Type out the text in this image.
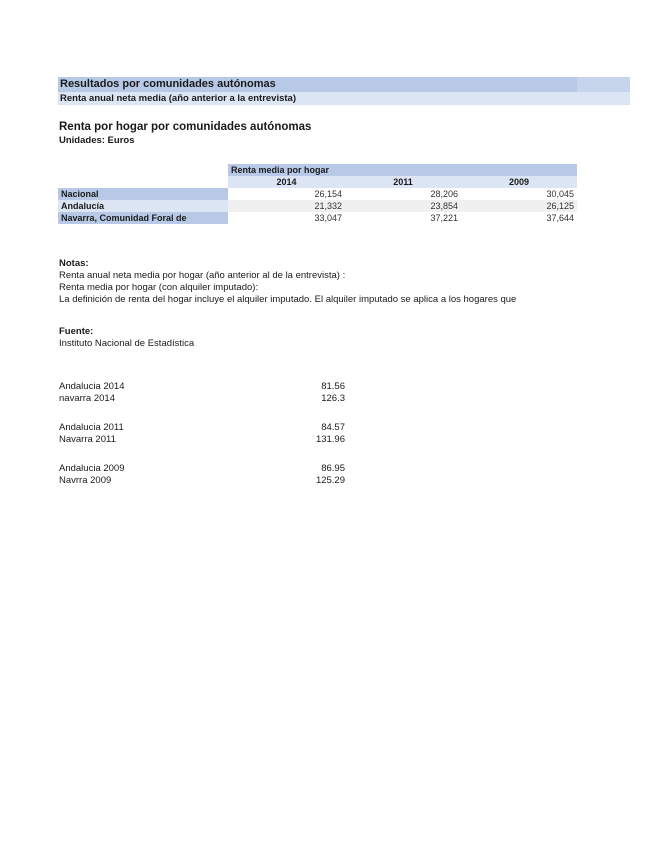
Resultados por comunidades autónomas
Renta anual neta media (año anterior a la entrevista)
Renta por hogar por comunidades autónomas
Unidades: Euros
	Renta media por hogar		
	2014	2011	2009
Nacional	26,154	28,206	30,045
Andalucía	21,332	23,854	26,125
Navarra, Comunidad Foral de	33,047	37,221	37,644
Notas:
Renta anual neta media por hogar (año anterior al de la entrevista) :
Renta media por hogar (con alquiler imputado):
La definición de renta del hogar incluye el alquiler imputado. El alquiler imputado se aplica a los hogares que
Fuente:
Instituto Nacional de Estadística
Andalucia 2014	81.56
navarra 2014	126.3
Andalucia 2011	84.57
Navarra 2011	131.96
Andalucia 2009	86.95
Navrra 2009	125.29
